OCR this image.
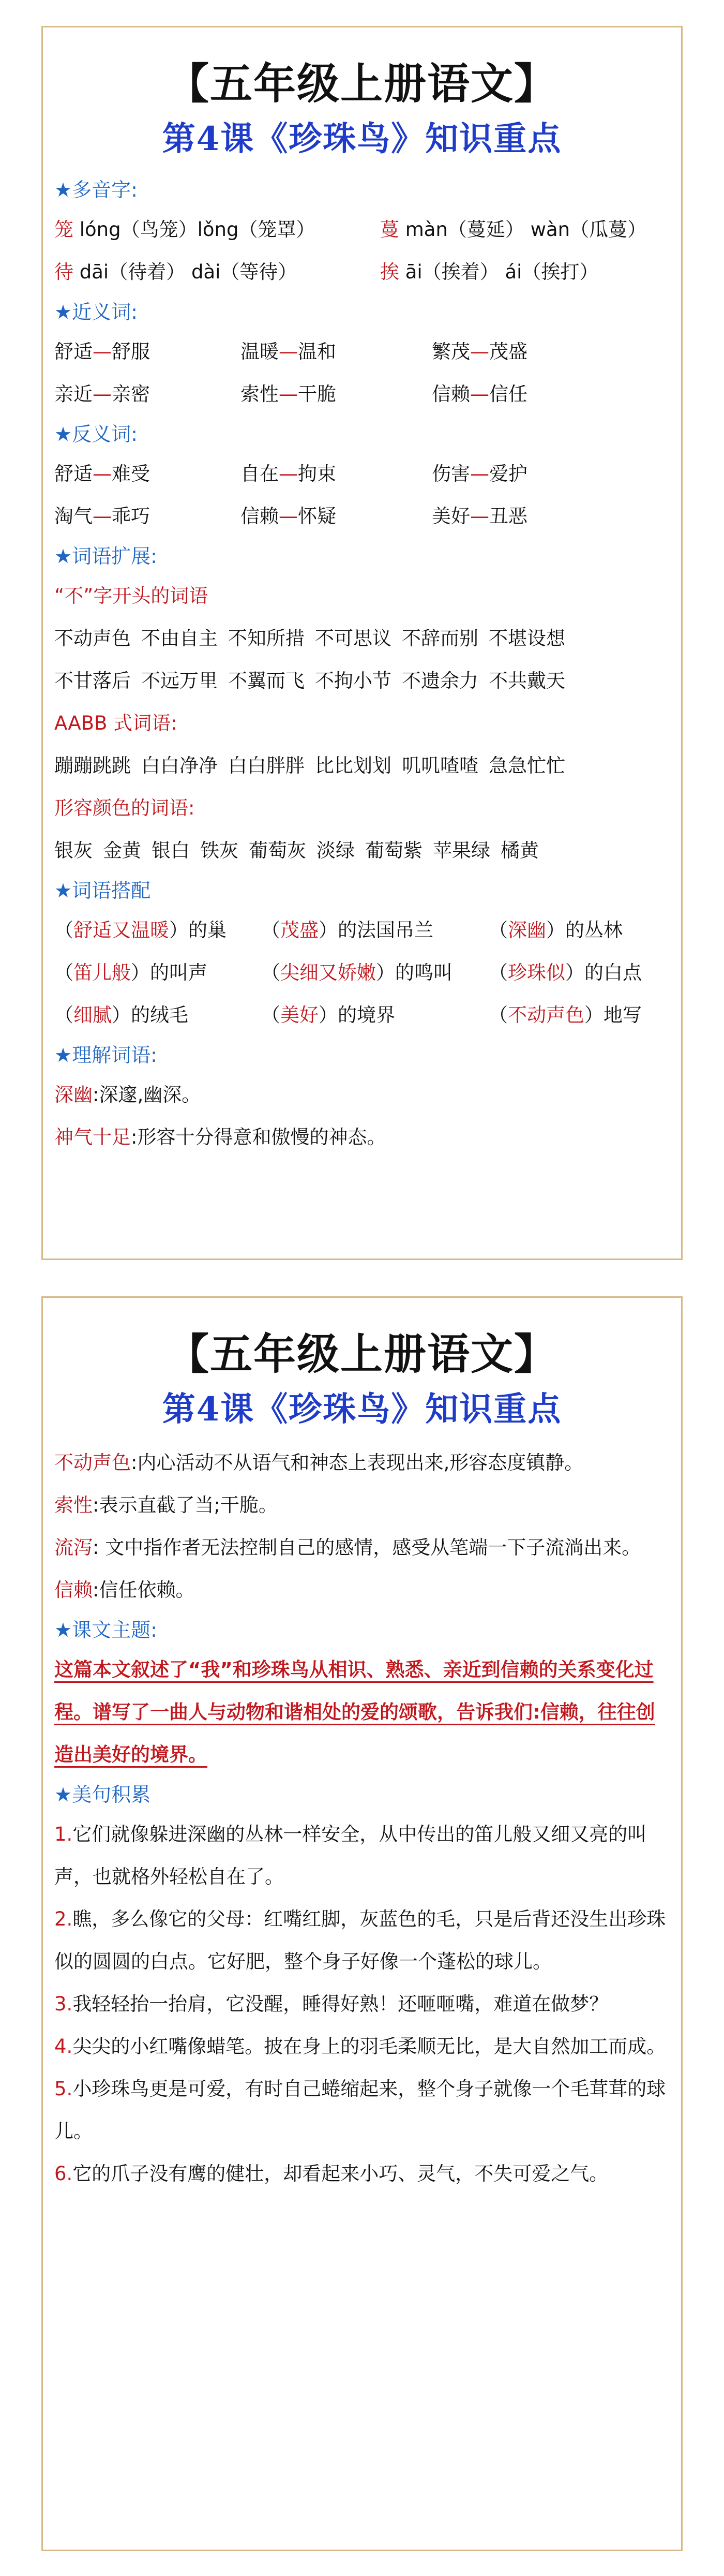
【五年级上册语文】
第4课《珍珠鸟》知识重点
★多音字:
笼 lóng（鸟笼）lǒng（笼罩）	蔓 màn（蔓延） wàn（瓜蔓）
待 dāi（待着） dài（等待）	挨 āi（挨着） ái（挨打）
★近义词:
舒适—舒服	温暖—温和	繁茂—茂盛
亲近—亲密	索性—干脆	信赖—信任
★反义词:
舒适—难受	自在—拘束	伤害—爱护
淘气—乖巧	信赖—怀疑	美好—丑恶
★词语扩展:
“不”字开头的词语
不动声色 不由自主 不知所措 不可思议 不辞而别 不堪设想
不甘落后 不远万里 不翼而飞 不拘小节 不遗余力 不共戴天
AABB 式词语:
蹦蹦跳跳 白白净净 白白胖胖 比比划划 叽叽喳喳 急急忙忙
形容颜色的词语:
银灰 金黄 银白 铁灰 葡萄灰 淡绿 葡萄紫 苹果绿 橘黄
★词语搭配
（舒适又温暖）的巢	（茂盛）的法国吊兰	（深幽）的丛林
（笛儿般）的叫声	（尖细又娇嫩）的鸣叫	（珍珠似）的白点
（细腻）的绒毛	（美好）的境界	（不动声色）地写
★理解词语:
深幽:深邃,幽深。
神气十足:形容十分得意和傲慢的神态。
【五年级上册语文】
第4课《珍珠鸟》知识重点

不动声色:内心活动不从语气和神态上表现出来,形容态度镇静。

索性:表示直截了当;干脆。

流泻: 文中指作者无法控制自己的感情，感受从笔端一下子流淌出来。

信赖:信任依赖。

★课文主题:

这篇本文叙述了“我”和珍珠鸟从相识、熟悉、亲近到信赖的关系变化过程。谱写了一曲人与动物和谐相处的爱的颂歌，告诉我们:信赖，往往创造出美好的境界。

★美句积累

1.它们就像躲进深幽的丛林一样安全，从中传出的笛儿般又细又亮的叫声，也就格外轻松自在了。

2.瞧，多么像它的父母：红嘴红脚，灰蓝色的毛，只是后背还没生出珍珠似的圆圆的白点。它好肥，整个身子好像一个蓬松的球儿。

3.我轻轻抬一抬肩，它没醒，睡得好熟！还咂咂嘴，难道在做梦？

4.尖尖的小红嘴像蜡笔。披在身上的羽毛柔顺无比，是大自然加工而成。

5.小珍珠鸟更是可爱，有时自己蜷缩起来，整个身子就像一个毛茸茸的球儿。

6.它的爪子没有鹰的健壮，却看起来小巧、灵气，不失可爱之气。
